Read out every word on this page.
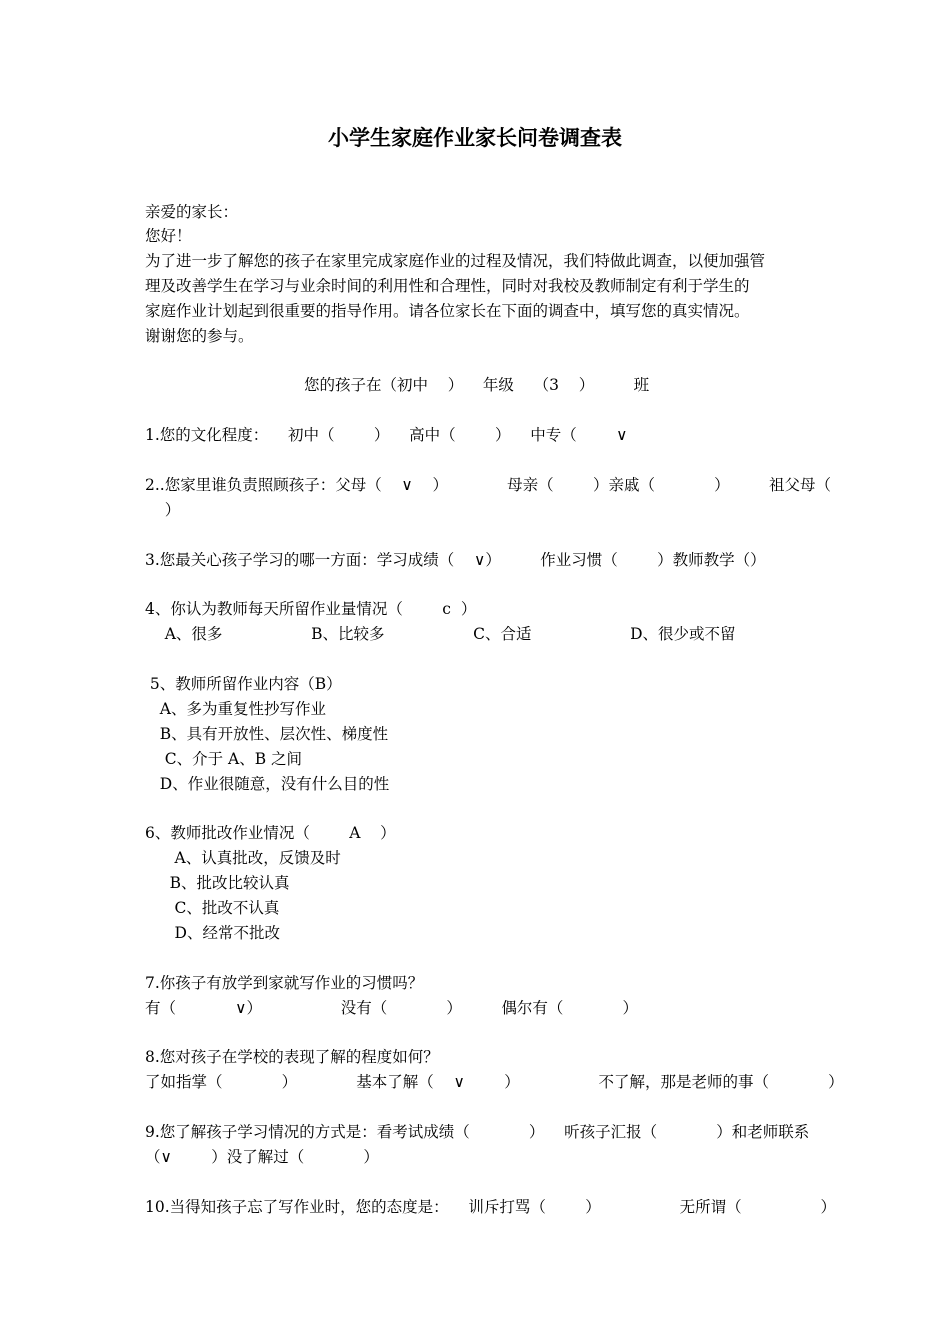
小学生家庭作业家长问卷调查表
亲爱的家长：
您好！
为了进一步了解您的孩子在家里完成家庭作业的过程及情况，我们特做此调查，以便加强管
理及改善学生在学习与业余时间的利用性和合理性，同时对我校及教师制定有利于学生的
家庭作业计划起到很重要的指导作用。请各位家长在下面的调查中，填写您的真实情况。
谢谢您的参与。
您的孩子在（初中    ）    年级    （3    ）        班
1.您的文化程度：    初中（        ）    高中（        ）    中专（        ∨
2..您家里谁负责照顾孩子：父母（    ∨    ）            母亲（        ）亲戚（            ）        祖父母（
）
3.您最关心孩子学习的哪一方面：学习成绩（    ∨）        作业习惯（        ）教师教学（）
4、你认为教师每天所留作业量情况（        c  ）
A、很多                  B、比较多                  C、合适                    D、很少或不留
5、教师所留作业内容（B）
A、多为重复性抄写作业
B、具有开放性、层次性、梯度性
C、介于 A、B 之间
D、作业很随意，没有什么目的性
6、教师批改作业情况（        A    ）
A、认真批改，反馈及时
B、批改比较认真
C、批改不认真
D、经常不批改
7.你孩子有放学到家就写作业的习惯吗？
有（            ∨）                没有（            ）        偶尔有（            ）
8.您对孩子在学校的表现了解的程度如何？
了如指掌（            ）            基本了解（    ∨        ）                不了解，那是老师的事（            ）
9.您了解孩子学习情况的方式是：看考试成绩（            ）    听孩子汇报（            ）和老师联系
（∨        ）没了解过（            ）
10.当得知孩子忘了写作业时，您的态度是：    训斥打骂（        ）                无所谓（                ）
